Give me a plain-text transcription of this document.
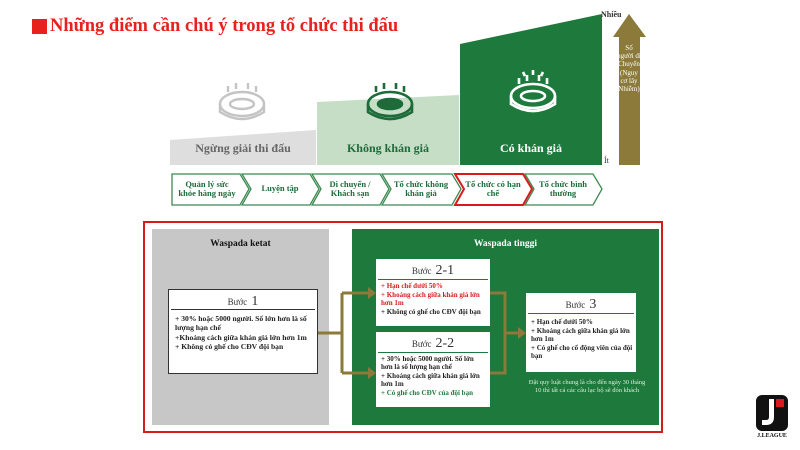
Những điểm cần chú ý trong tổ chức thi đấu
Ngừng giải thi đấu	Không khán giả	Có khán giả
Nhiều
Ít
Số người di Chuyển (Nguy cơ lây Nhiễm)
Quản lý sức khỏe hàng ngày	Luyện tập	Di chuyển / Khách sạn
Tổ chức không khán giả
Tổ chức có hạn chế
Tổ chức bình thường
Waspada ketat	Waspada tinggi
Bước 1
+ 30% hoặc 5000 người. Số lớn hơn là số lượng hạn chế
+Khoảng cách giữa khán giả lớn hơn 1m
+ Không có ghế cho CĐV đội bạn
Bước 2-1
+ Hạn chế dưới 50%
+ Khoảng cách giữa khán giả lớn hơn 1m
+ Không có ghế cho CĐV đội bạn
Bước 2-2
+ 30% hoặc 5000 người. Số lớn hơn là số lượng hạn chế
+ Khoảng cách giữa khán giả lớn hơn 1m
+ Có ghế cho CĐV của đội bạn
Bước 3
+ Hạn chế dưới 50%
+ Khoảng cách giữa khán giả lớn hơn 1m
+ Có ghế cho cổ động viên của đội bạn
Đặt quy luật chung là cho đến ngày 30 tháng 10 thì tất cả các câu lạc bộ sẽ đón khách
J.LEAGUE
